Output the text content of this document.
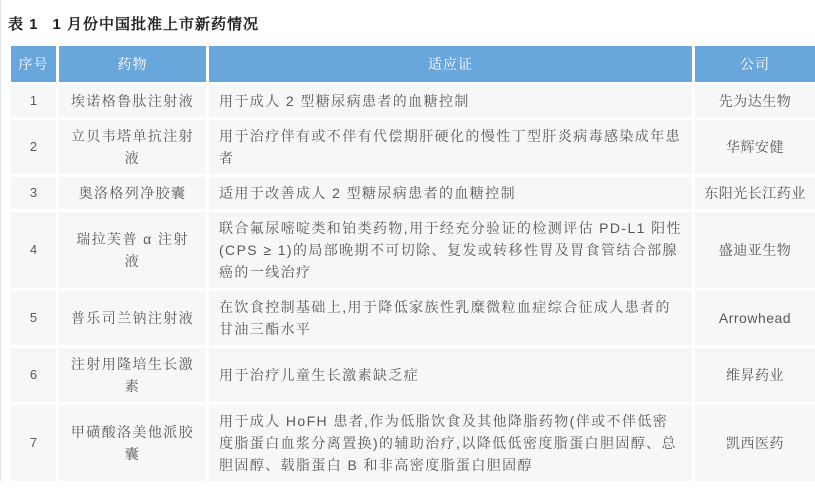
表 1 1 月份中国批准上市新药情况
序号	药物	适应证	公司
1	埃诺格鲁肽注射液	用于成人 2 型糖尿病患者的血糖控制	先为达生物
2	立贝韦塔单抗注射液	用于治疗伴有或不伴有代偿期肝硬化的慢性丁型肝炎病毒感染成年患者	华辉安健
3	奥洛格列净胶囊	适用于改善成人 2 型糖尿病患者的血糖控制	东阳光长江药业
4	瑞拉芙普 α 注射液	联合氟尿嘧啶类和铂类药物,用于经充分验证的检测评估 PD-L1 阳性(CPS ≥ 1)的局部晚期不可切除、复发或转移性胃及胃食管结合部腺癌的一线治疗	盛迪亚生物
5	普乐司兰钠注射液	在饮食控制基础上,用于降低家族性乳糜微粒血症综合征成人患者的甘油三酯水平	Arrowhead
6	注射用隆培生长激素	用于治疗儿童生长激素缺乏症	维昇药业
7	甲磺酸洛美他派胶囊	用于成人 HoFH 患者,作为低脂饮食及其他降脂药物(伴或不伴低密度脂蛋白血浆分离置换)的辅助治疗,以降低低密度脂蛋白胆固醇、总胆固醇、载脂蛋白 B 和非高密度脂蛋白胆固醇	凯西医药
